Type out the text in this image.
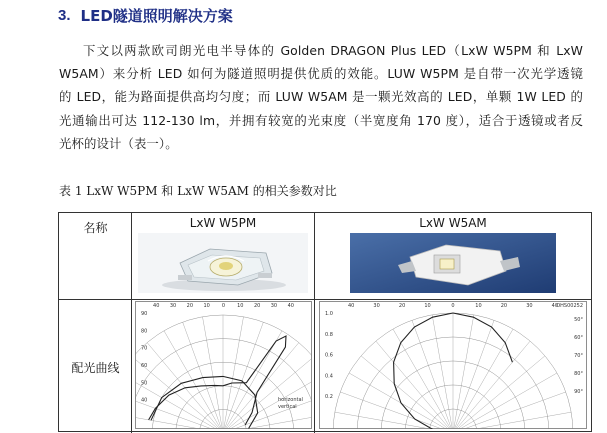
3. LED隧道照明解决方案
下文以两款欧司朗光电半导体的 Golden DRAGON Plus LED（LxW W5PM 和 LxW
W5AM）来分析 LED 如何为隧道照明提供优质的效能。LUW W5PM 是自带一次光学透镜
的 LED，能为路面提供高均匀度；而 LUW W5AM 是一颗光效高的 LED，单颗 1W LED 的
光通输出可达 112-130 lm，并拥有较宽的光束度（半宽度角 170 度），适合于透镜或者反
光杯的设计（表一）。
表 1 LxW W5PM 和 LxW W5AM 的相关参数对比
名称	LxW W5PM	LxW W5AM
配光曲线
40 30 20 10 0 10 20 30 40
90
80
70
60
50
40	horizontal
vertical
40	30	20	10	0	10	20	30	40
1.0
0.8
0.6
0.4
0.2
50°
60°
70°
80°
90°
OHS00252
